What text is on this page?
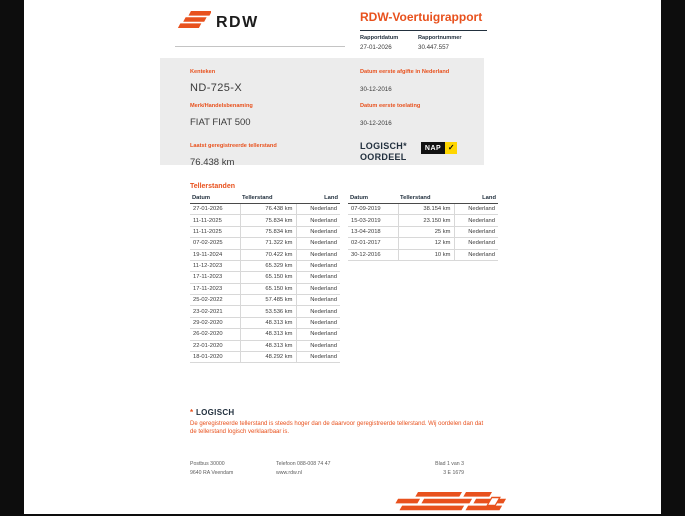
RDW	RDW-Voertuigrapport
Rapportdatum
27-01-2026
Rapportnummer
30.447.557
Kenteken
ND-725-X
Merk/Handelsbenaming
FIAT FIAT 500
Laatst geregistreerde tellerstand
76.438 km
Datum eerste afgifte in Nederland
30-12-2016
Datum eerste toelating
30-12-2016
LOGISCH*
OORDEEL
NAP ✓
Tellerstanden
Datum	Tellerstand	Land
27-01-2026	76.438 km	Nederland
11-11-2025	75.834 km	Nederland
11-11-2025	75.834 km	Nederland
07-02-2025	71.322 km	Nederland
19-11-2024	70.422 km	Nederland
11-12-2023	65.329 km	Nederland
17-11-2023	65.150 km	Nederland
17-11-2023	65.150 km	Nederland
25-02-2022	57.485 km	Nederland
23-02-2021	53.536 km	Nederland
29-02-2020	48.313 km	Nederland
26-02-2020	48.313 km	Nederland
22-01-2020	48.313 km	Nederland
18-01-2020	48.292 km	Nederland
Datum	Tellerstand	Land
07-09-2019	38.154 km	Nederland
15-03-2019	23.150 km	Nederland
13-04-2018	25 km	Nederland
02-01-2017	12 km	Nederland
30-12-2016	10 km	Nederland
* LOGISCH
De geregistreerde tellerstand is steeds hoger dan de daarvoor geregistreerde tellerstand. Wij oordelen dan dat de tellerstand logisch verklaarbaar is.
Postbus 30000
9640 RA Veendam
Telefoon 088-008 74 47
www.rdw.nl
Blad 1 van 3
3 E 1679
